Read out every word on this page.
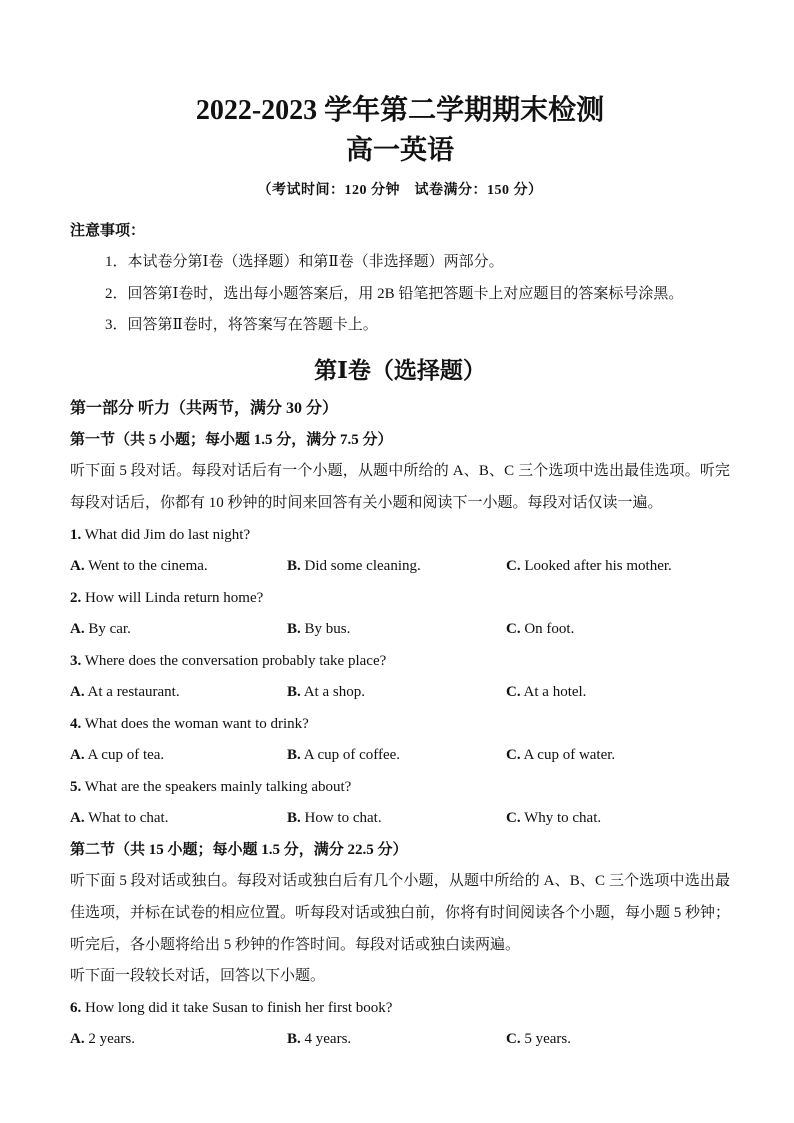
2022-2023 学年第二学期期末检测
高一英语
（考试时间：120 分钟　试卷满分：150 分）
注意事项：
1．本试卷分第Ⅰ卷（选择题）和第Ⅱ卷（非选择题）两部分。
2．回答第Ⅰ卷时，选出每小题答案后，用 2B 铅笔把答题卡上对应题目的答案标号涂黑。
3．回答第Ⅱ卷时，将答案写在答题卡上。
第Ⅰ卷（选择题）
第一部分 听力（共两节，满分 30 分）
第一节（共 5 小题；每小题 1.5 分，满分 7.5 分）
听下面 5 段对话。每段对话后有一个小题，从题中所给的 A、B、C 三个选项中选出最佳选项。听完每段对话后，你都有 10 秒钟的时间来回答有关小题和阅读下一小题。每段对话仅读一遍。
1. What did Jim do last night?
A. Went to the cinema.	B. Did some cleaning.	C. Looked after his mother.
2. How will Linda return home?
A. By car.	B. By bus.	C. On foot.
3. Where does the conversation probably take place?
A. At a restaurant.	B. At a shop.	C. At a hotel.
4. What does the woman want to drink?
A. A cup of tea.	B. A cup of coffee.	C. A cup of water.
5. What are the speakers mainly talking about?
A. What to chat.	B. How to chat.	C. Why to chat.
第二节（共 15 小题；每小题 1.5 分，满分 22.5 分）
听下面 5 段对话或独白。每段对话或独白后有几个小题，从题中所给的 A、B、C 三个选项中选出最佳选项，并标在试卷的相应位置。听每段对话或独白前，你将有时间阅读各个小题，每小题 5 秒钟；听完后，各小题将给出 5 秒钟的作答时间。每段对话或独白读两遍。
听下面一段较长对话，回答以下小题。
6. How long did it take Susan to finish her first book?
A. 2 years.	B. 4 years.	C. 5 years.
